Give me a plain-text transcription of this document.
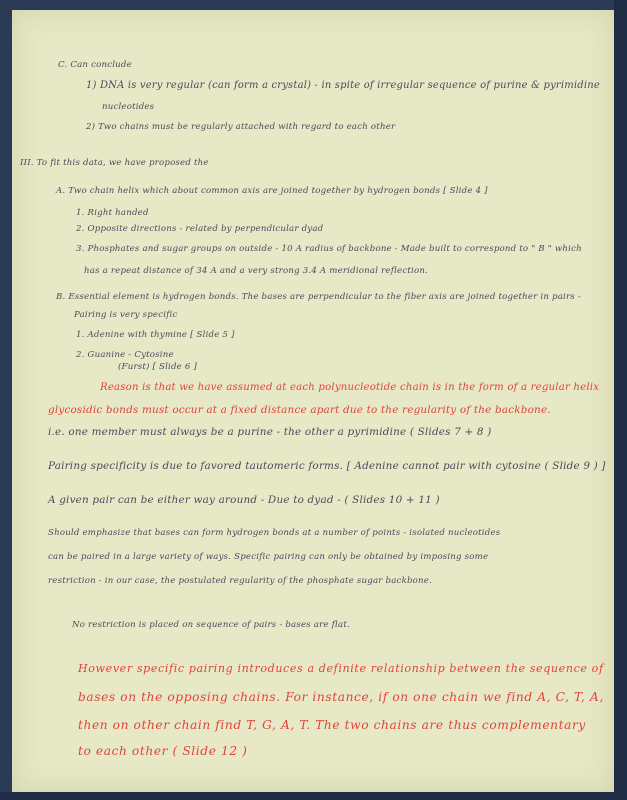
C. Can conclude
1) DNA is very regular (can form a crystal) - in spite of irregular sequence of purine & pyrimidine
nucleotides
2) Two chains must be regularly attached with regard to each other
III. To fit this data, we have proposed the
A. Two chain helix which about common axis are joined together by hydrogen bonds [ Slide 4 ]
1. Right handed
2. Opposite directions - related by perpendicular dyad
3. Phosphates and sugar groups on outside - 10 A radius of backbone - Made built to correspond to " B " which
has a repeat distance of 34 A and a very strong 3.4 A meridional reflection.
B. Essential element is hydrogen bonds. The bases are perpendicular to the fiber axis are joined together in pairs -
Pairing is very specific
1. Adenine with thymine [ Slide 5 ]
2. Guanine - Cytosine
(Furst) [ Slide 6 ]
Reason is that we have assumed at each polynucleotide chain is in the form of a regular helix
glycosidic bonds must occur at a fixed distance apart due to the regularity of the backbone.
i.e. one member must always be a purine - the other a pyrimidine ( Slides 7 + 8 )
Pairing specificity is due to favored tautomeric forms. [ Adenine cannot pair with cytosine ( Slide 9 ) ]
A given pair can be either way around - Due to dyad - ( Slides 10 + 11 )
Should emphasize that bases can form hydrogen bonds at a number of points - isolated nucleotides
can be paired in a large variety of ways. Specific pairing can only be obtained by imposing some
restriction - in our case, the postulated regularity of the phosphate sugar backbone.
No restriction is placed on sequence of pairs - bases are flat.
However specific pairing introduces a definite relationship between the sequence of
bases on the opposing chains. For instance, if on one chain we find A, C, T, A,
then on other chain find T, G, A, T. The two chains are thus complementary
to each other ( Slide 12 )
